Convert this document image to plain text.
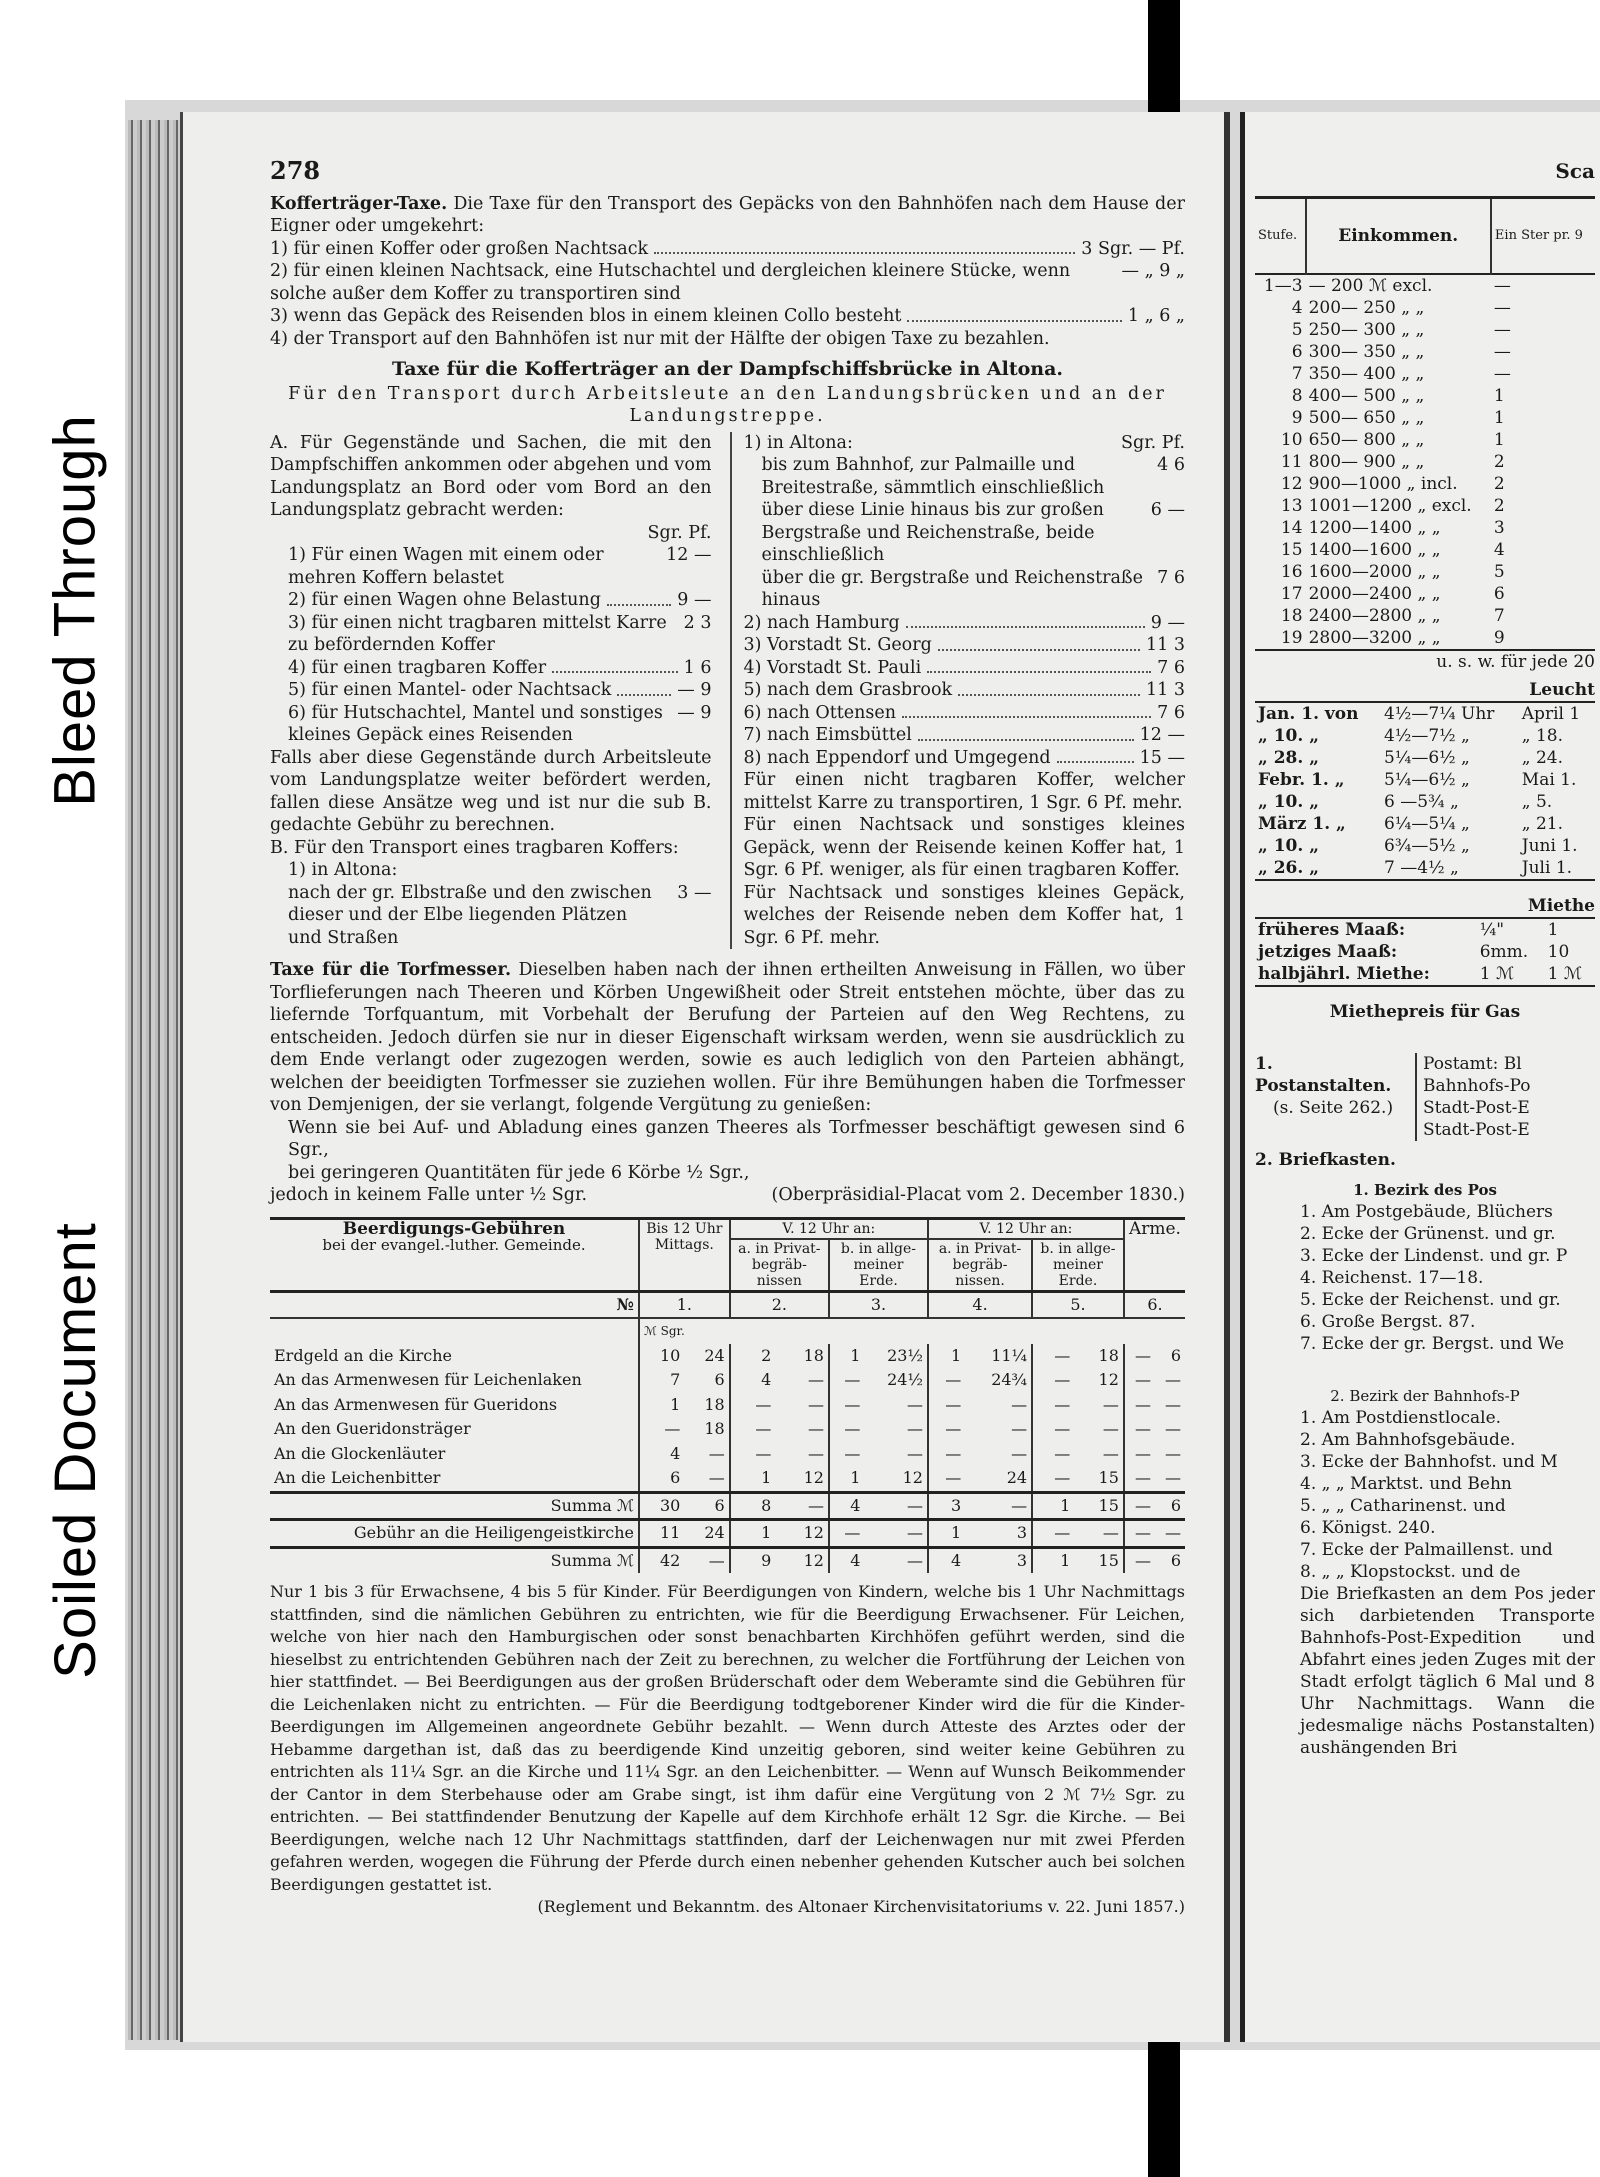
Bleed Through
Soiled Document
278

Kofferträger-Taxe. Die Taxe für den Transport des Gepäcks von den Bahnhöfen nach dem Hause der Eigner oder umgekehrt:

1) für einen Koffer oder großen Nachtsack	3 Sgr. — Pf.
2) für einen kleinen Nachtsack, eine Hutschachtel und dergleichen kleinere Stücke, wenn solche außer dem Koffer zu transportiren sind
— „ 9 „
3) wenn das Gepäck des Reisenden blos in einem kleinen Collo besteht	1 „ 6 „
4) der Transport auf den Bahnhöfen ist nur mit der Hälfte der obigen Taxe zu bezahlen.
Taxe für die Kofferträger an der Dampfschiffsbrücke in Altona.
Für den Transport durch Arbeitsleute an den Landungsbrücken und an der Landungstreppe.

A. Für Gegenstände und Sachen, die mit den Dampfschiffen ankommen oder abgehen und vom Landungsplatz an Bord oder vom Bord an den Landungsplatz gebracht werden:

Sgr. Pf.
1) Für einen Wagen mit einem oder mehren Koffern belastet
12 —
2) für einen Wagen ohne Belastung	9 —
3) für einen nicht tragbaren mittelst Karre zu befördernden Koffer
2 3
4) für einen tragbaren Koffer	1 6
5) für einen Mantel- oder Nachtsack	— 9
6) für Hutschachtel, Mantel und sonstiges kleines Gepäck eines Reisenden
— 9

Falls aber diese Gegenstände durch Arbeitsleute vom Landungsplatze weiter befördert werden, fallen diese Ansätze weg und ist nur die sub B. gedachte Gebühr zu berechnen.

B. Für den Transport eines tragbaren Koffers:

1) in Altona:

nach der gr. Elbstraße und den zwischen dieser und der Elbe liegenden Plätzen und Straßen
3 —
1) in Altona:	Sgr. Pf.
bis zum Bahnhof, zur Palmaille und Breitestraße, sämmtlich einschließlich
4 6
über diese Linie hinaus bis zur großen Bergstraße und Reichenstraße, beide einschließlich
6 —
über die gr. Bergstraße und Reichenstraße hinaus
7 6
2) nach Hamburg	9 —
3) Vorstadt St. Georg	11 3
4) Vorstadt St. Pauli	7 6
5) nach dem Grasbrook	11 3
6) nach Ottensen	7 6
7) nach Eimsbüttel	12 —
8) nach Eppendorf und Umgegend	15 —

Für einen nicht tragbaren Koffer, welcher mittelst Karre zu transportiren, 1 Sgr. 6 Pf. mehr.

Für einen Nachtsack und sonstiges kleines Gepäck, wenn der Reisende keinen Koffer hat, 1 Sgr. 6 Pf. weniger, als für einen tragbaren Koffer.

Für Nachtsack und sonstiges kleines Gepäck, welches der Reisende neben dem Koffer hat, 1 Sgr. 6 Pf. mehr.

Taxe für die Torfmesser. Dieselben haben nach der ihnen ertheilten Anweisung in Fällen, wo über Torflieferungen nach Theeren und Körben Ungewißheit oder Streit entstehen möchte, über das zu liefernde Torfquantum, mit Vorbehalt der Berufung der Parteien auf den Weg Rechtens, zu entscheiden. Jedoch dürfen sie nur in dieser Eigenschaft wirksam werden, wenn sie ausdrücklich zu dem Ende verlangt oder zugezogen werden, sowie es auch lediglich von den Parteien abhängt, welchen der beeidigten Torfmesser sie zuziehen wollen. Für ihre Bemühungen haben die Torfmesser von Demjenigen, der sie verlangt, folgende Vergütung zu genießen:

Wenn sie bei Auf- und Abladung eines ganzen Theeres als Torfmesser beschäftigt gewesen sind 6 Sgr.,

bei geringeren Quantitäten für jede 6 Körbe ½ Sgr.,

jedoch in keinem Falle unter ½ Sgr.	(Oberpräsidial-Placat vom 2. December 1830.)
Beerdigungs-Gebühren
bei der evangel.-luther. Gemeinde.	Bis 12 Uhr Mittags.		V. 12 Uhr an:				V. 12 Uhr an:				Arme.	
			a. in Privat-begräb-nissen		b. in allge-meiner Erde.		a. in Privat-begräb-nissen.		b. in allge-meiner Erde.			
№	1.		2.		3.		4.		5.		6.	
	ℳ Sgr.											
Erdgeld an die Kirche	10	24	2	18	1	23½	1	11¼	—	18	—	6
An das Armenwesen für Leichenlaken	7	6	4	—	—	24½	—	24¾	—	12	—	—
An das Armenwesen für Gueridons	1	18	—	—	—	—	—	—	—	—	—	—
An den Gueridonsträger	—	18	—	—	—	—	—	—	—	—	—	—
An die Glockenläuter	4	—	—	—	—	—	—	—	—	—	—	—
An die Leichenbitter	6	—	1	12	1	12	—	24	—	15	—	—
Summa ℳ	30	6	8	—	4	—	3	—	1	15	—	6
Gebühr an die Heiligengeistkirche	11	24	1	12	—	—	1	3	—	—	—	—
Summa ℳ	42	—	9	12	4	—	4	3	1	15	—	6

Nur 1 bis 3 für Erwachsene, 4 bis 5 für Kinder. Für Beerdigungen von Kindern, welche bis 1 Uhr Nachmittags stattfinden, sind die nämlichen Gebühren zu entrichten, wie für die Beerdigung Erwachsener. Für Leichen, welche von hier nach den Hamburgischen oder sonst benachbarten Kirchhöfen geführt werden, sind die hieselbst zu entrichtenden Gebühren nach der Zeit zu berechnen, zu welcher die Fortführung der Leichen von hier stattfindet. — Bei Beerdigungen aus der großen Brüderschaft oder dem Weberamte sind die Gebühren für die Leichenlaken nicht zu entrichten. — Für die Beerdigung todtgeborener Kinder wird die für die Kinder-Beerdigungen im Allgemeinen angeordnete Gebühr bezahlt. — Wenn durch Atteste des Arztes oder der Hebamme dargethan ist, daß das zu beerdigende Kind unzeitig geboren, sind weiter keine Gebühren zu entrichten als 11¼ Sgr. an die Kirche und 11¼ Sgr. an den Leichenbitter. — Wenn auf Wunsch Beikommender der Cantor in dem Sterbehause oder am Grabe singt, ist ihm dafür eine Vergütung von 2 ℳ 7½ Sgr. zu entrichten. — Bei stattfindender Benutzung der Kapelle auf dem Kirchhofe erhält 12 Sgr. die Kirche. — Bei Beerdigungen, welche nach 12 Uhr Nachmittags stattfinden, darf der Leichenwagen nur mit zwei Pferden gefahren werden, wogegen die Führung der Pferde durch einen nebenher gehenden Kutscher auch bei solchen Beerdigungen gestattet ist.

(Reglement und Bekanntm. des Altonaer Kirchenvisitatoriums v. 22. Juni 1857.)
Sca
Stufe.	Einkommen.	Ein Ster pr. 9
1—3	— 200 ℳ excl.	—
4	200— 250 „ „	—
5	250— 300 „ „	—
6	300— 350 „ „	—
7	350— 400 „ „	—
8	400— 500 „ „	1
9	500— 650 „ „	1
10	650— 800 „ „	1
11	800— 900 „ „	2
12	900—1000 „ incl.	2
13	1001—1200 „ excl.	2
14	1200—1400 „ „	3
15	1400—1600 „ „	4
16	1600—2000 „ „	5
17	2000—2400 „ „	6
18	2400—2800 „ „	7
19	2800—3200 „ „	9
u. s. w. für jede 20
Leucht
Jan. 1. von	4½—7¼ Uhr	April 1
„ 10. „	4½—7½ „	„ 18.
„ 28. „	5¼—6½ „	„ 24.
Febr. 1. „	5¼—6½ „	Mai 1.
„ 10. „	6 —5¾ „	„ 5.
März 1. „	6¼—5¼ „	„ 21.
„ 10. „	6¾—5½ „	Juni 1.
„ 26. „	7 —4½ „	Juli 1.
Miethe
früheres Maaß:	¼"	1
jetziges Maaß:	6mm.	10
halbjährl. Miethe:	1 ℳ	1 ℳ
Miethepreis für Gas
1. Postanstalten.
(s. Seite 262.)
Postamt: Bl
Bahnhofs-Po
Stadt-Post-E
Stadt-Post-E
2. Briefkasten.
1. Bezirk des Pos
1. Am Postgebäude, Blüchers
2. Ecke der Grünenst. und gr.
3. Ecke der Lindenst. und gr. P
4. Reichenst. 17—18.
5. Ecke der Reichenst. und gr.
6. Große Bergst. 87.
7. Ecke der gr. Bergst. und We
2. Bezirk der Bahnhofs-P
1. Am Postdienstlocale.
2. Am Bahnhofsgebäude.
3. Ecke der Bahnhofst. und M
4. „ „ Marktst. und Behn
5. „ „ Catharinenst. und
6. Königst. 240.
7. Ecke der Palmaillenst. und
8. „ „ Klopstockst. und de

Die Briefkasten an dem Pos jeder sich darbietenden Transporte Bahnhofs-Post-Expedition und Abfahrt eines jeden Zuges mit der Stadt erfolgt täglich 6 Mal und 8 Uhr Nachmittags. Wann die jedesmalige nächs Postanstalten) aushängenden Bri
